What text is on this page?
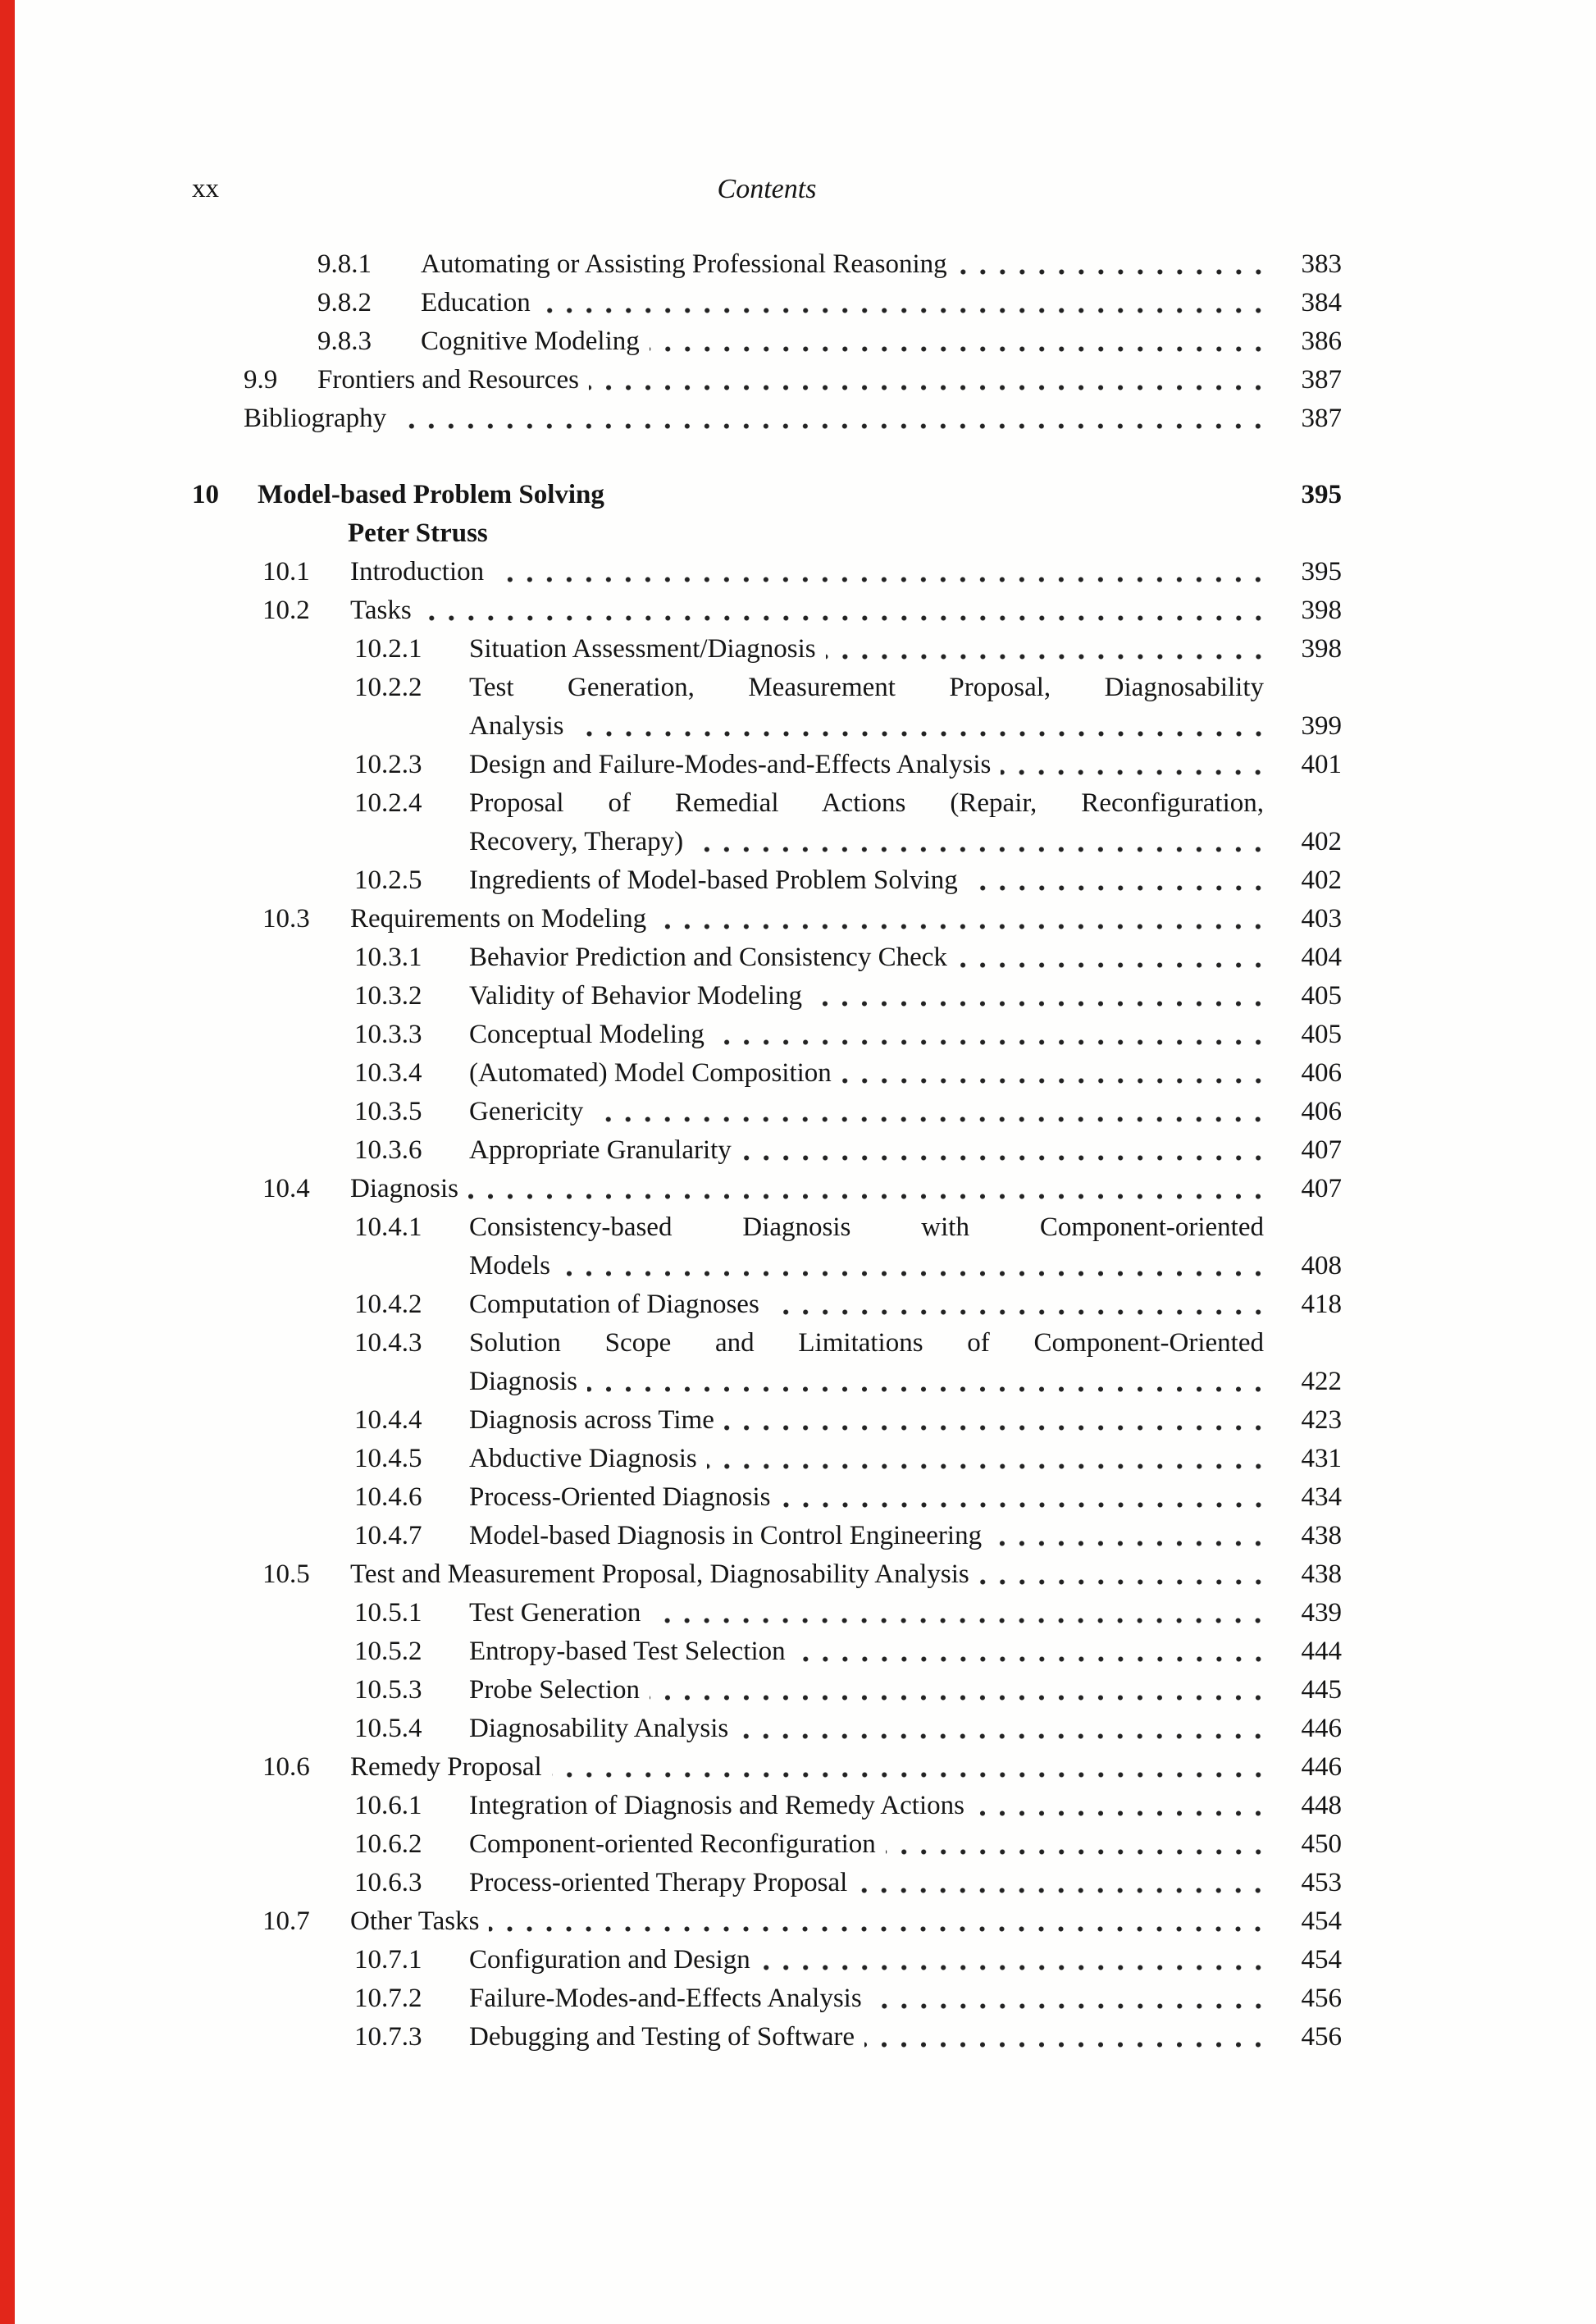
xx	Contents
9.8.1 Automating or Assisting Professional Reasoning	383
9.8.2 Education	384
9.8.3 Cognitive Modeling	386
9.9 Frontiers and Resources	387
Bibliography	387
10 Model-based Problem Solving	395
Peter Struss
10.1 Introduction	395
10.2 Tasks	398
10.2.1 Situation Assessment/Diagnosis	398
10.2.2 Test Generation, Measurement Proposal, Diagnosability
Analysis	399
10.2.3 Design and Failure-Modes-and-Effects Analysis	401
10.2.4 Proposal of Remedial Actions (Repair, Reconfiguration,
Recovery, Therapy)	402
10.2.5 Ingredients of Model-based Problem Solving	402
10.3 Requirements on Modeling	403
10.3.1 Behavior Prediction and Consistency Check	404
10.3.2 Validity of Behavior Modeling	405
10.3.3 Conceptual Modeling	405
10.3.4 (Automated) Model Composition	406
10.3.5 Genericity	406
10.3.6 Appropriate Granularity	407
10.4 Diagnosis	407
10.4.1 Consistency-based Diagnosis with Component-oriented
Models	408
10.4.2 Computation of Diagnoses	418
10.4.3 Solution Scope and Limitations of Component-Oriented
Diagnosis	422
10.4.4 Diagnosis across Time	423
10.4.5 Abductive Diagnosis	431
10.4.6 Process-Oriented Diagnosis	434
10.4.7 Model-based Diagnosis in Control Engineering	438
10.5 Test and Measurement Proposal, Diagnosability Analysis	438
10.5.1 Test Generation	439
10.5.2 Entropy-based Test Selection	444
10.5.3 Probe Selection	445
10.5.4 Diagnosability Analysis	446
10.6 Remedy Proposal	446
10.6.1 Integration of Diagnosis and Remedy Actions	448
10.6.2 Component-oriented Reconfiguration	450
10.6.3 Process-oriented Therapy Proposal	453
10.7 Other Tasks	454
10.7.1 Configuration and Design	454
10.7.2 Failure-Modes-and-Effects Analysis	456
10.7.3 Debugging and Testing of Software	456
